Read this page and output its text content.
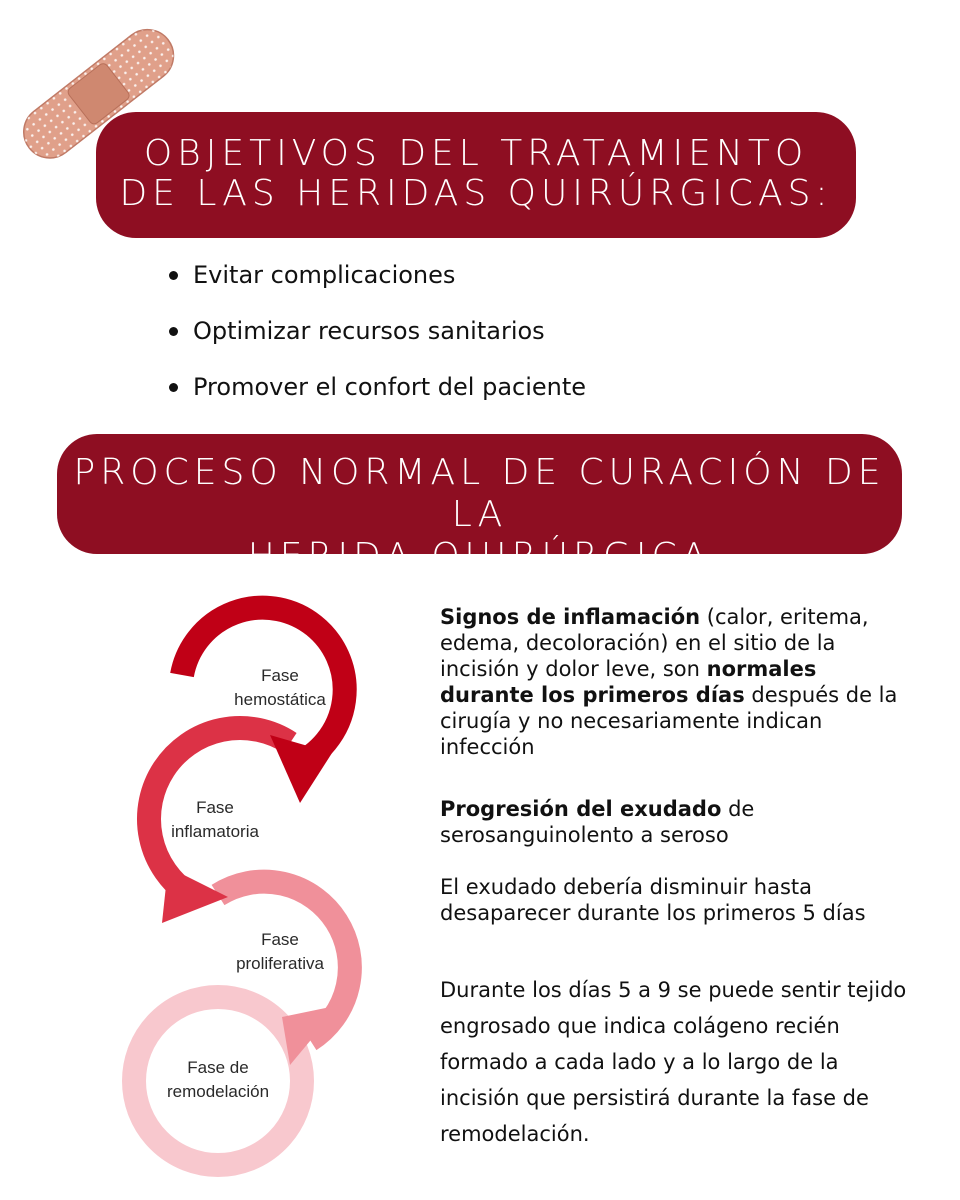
OBJETIVOS DEL TRATAMIENTO
DE LAS HERIDAS QUIRÚRGICAS:
Evitar complicaciones
Optimizar recursos sanitarios
Promover el confort del paciente
PROCESO NORMAL DE CURACIÓN DE LA
HERIDA QUIRÚRGICA
Fase
hemostática
Fase
inflamatoria
Fase
proliferativa
Fase de
remodelación

Signos de inflamación (calor, eritema, edema, decoloración) en el sitio de la incisión y dolor leve, son normales durante los primeros días después de la cirugía y no necesariamente indican infección

Progresión del exudado de serosanguinolento a seroso

El exudado debería disminuir hasta desaparecer durante los primeros 5 días

Durante los días 5 a 9 se puede sentir tejido engrosado que indica colágeno recién formado a cada lado y a lo largo de la incisión que persistirá durante la fase de remodelación.
